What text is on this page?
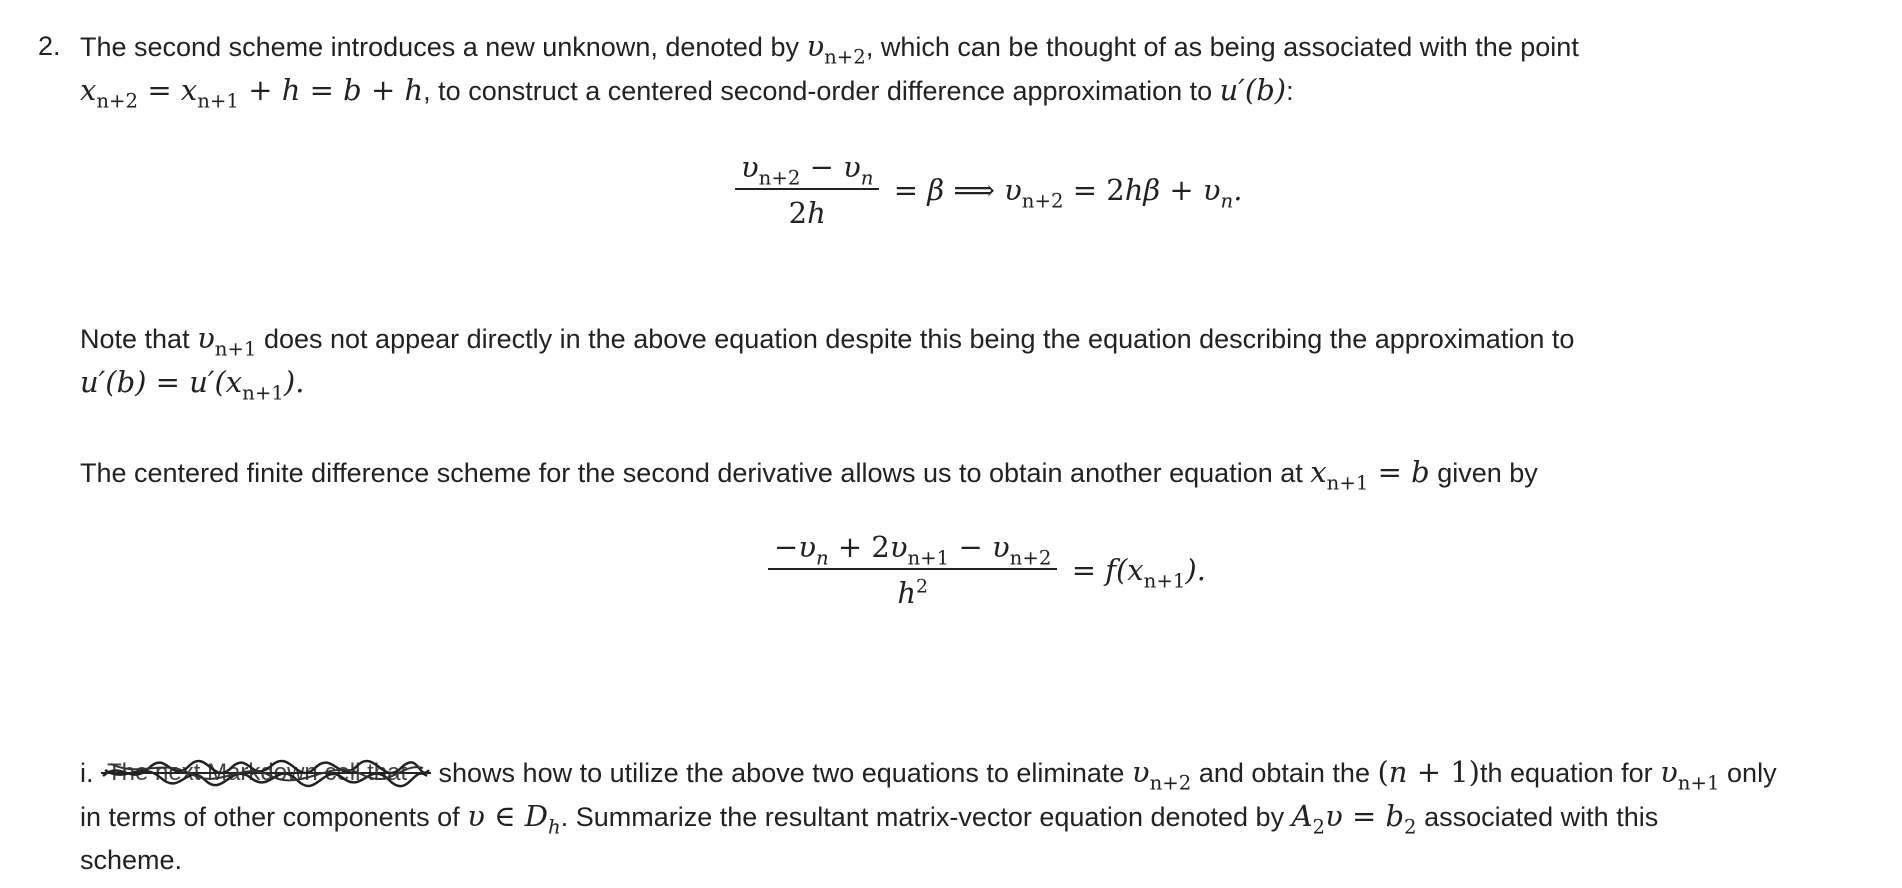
2. The second scheme introduces a new unknown, denoted by $\upsilon_{n+2}$, which can be thought of as being associated with the point
$x_{n+2} = x_{n+1} + h = b + h$, to construct a centered second-order difference approximation to u′(b):
$\frac{\upsilon_{n+2} - \upsilon_n}{2h} = \beta$ ⟹ $\upsilon_{n+2} = 2h\beta + \upsilon_n$.
Note that $\upsilon_{n+1}$ does not appear directly in the above equation despite this being the equation describing the approximation to
$u'(b) = u'(x_{n+1})$.
The centered finite difference scheme for the second derivative allows us to obtain another equation at $x_{n+1} = b$ given by
$\frac{-\upsilon_n + 2\upsilon_{n+1} - \upsilon_{n+2}}{h^2} = f(x_{n+1})$.
i. The next Markdown cell that shows how to utilize the above two equations to eliminate $\upsilon_{n+2}$ and obtain the (n + 1)th equation for $\upsilon_{n+1}$ only
in terms of other components of υ ∈ $D_h$. Summarize the resultant matrix-vector equation denoted by $A_2\upsilon = b_2$ associated with this
scheme.
